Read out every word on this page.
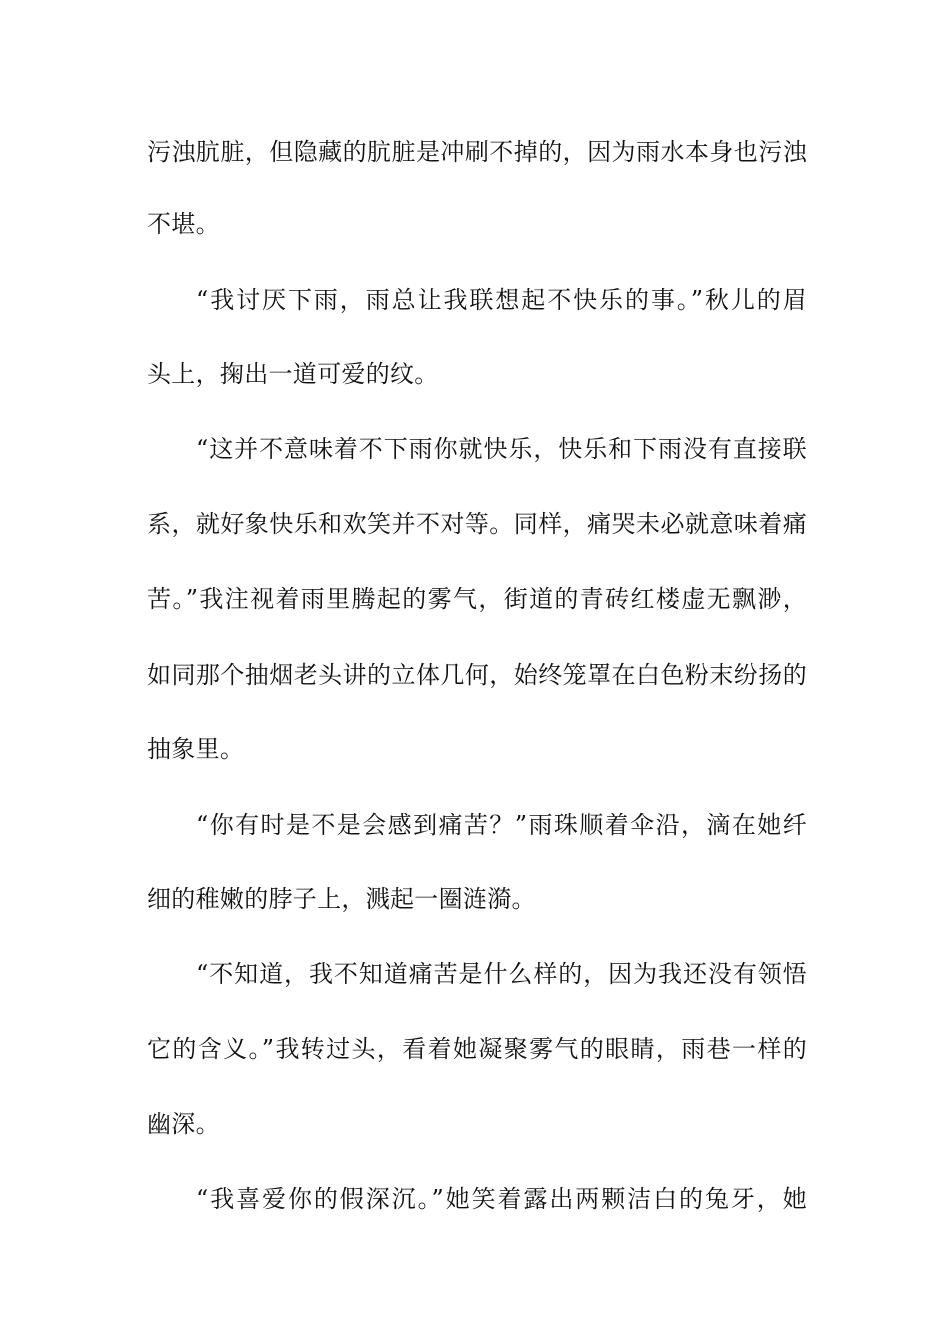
污浊肮脏，但隐藏的肮脏是冲刷不掉的，因为雨水本身也污浊
不堪。
“我讨厌下雨，雨总让我联想起不快乐的事。”秋儿的眉
头上，掬出一道可爱的纹。
“这并不意味着不下雨你就快乐，快乐和下雨没有直接联
系，就好象快乐和欢笑并不对等。同样，痛哭未必就意味着痛
苦。”我注视着雨里腾起的雾气，街道的青砖红楼虚无飘渺，
如同那个抽烟老头讲的立体几何，始终笼罩在白色粉末纷扬的
抽象里。
“你有时是不是会感到痛苦？”雨珠顺着伞沿，滴在她纤
细的稚嫩的脖子上，溅起一圈涟漪。
“不知道，我不知道痛苦是什么样的，因为我还没有领悟
它的含义。”我转过头，看着她凝聚雾气的眼睛，雨巷一样的
幽深。
“我喜爱你的假深沉。”她笑着露出两颗洁白的兔牙，她
